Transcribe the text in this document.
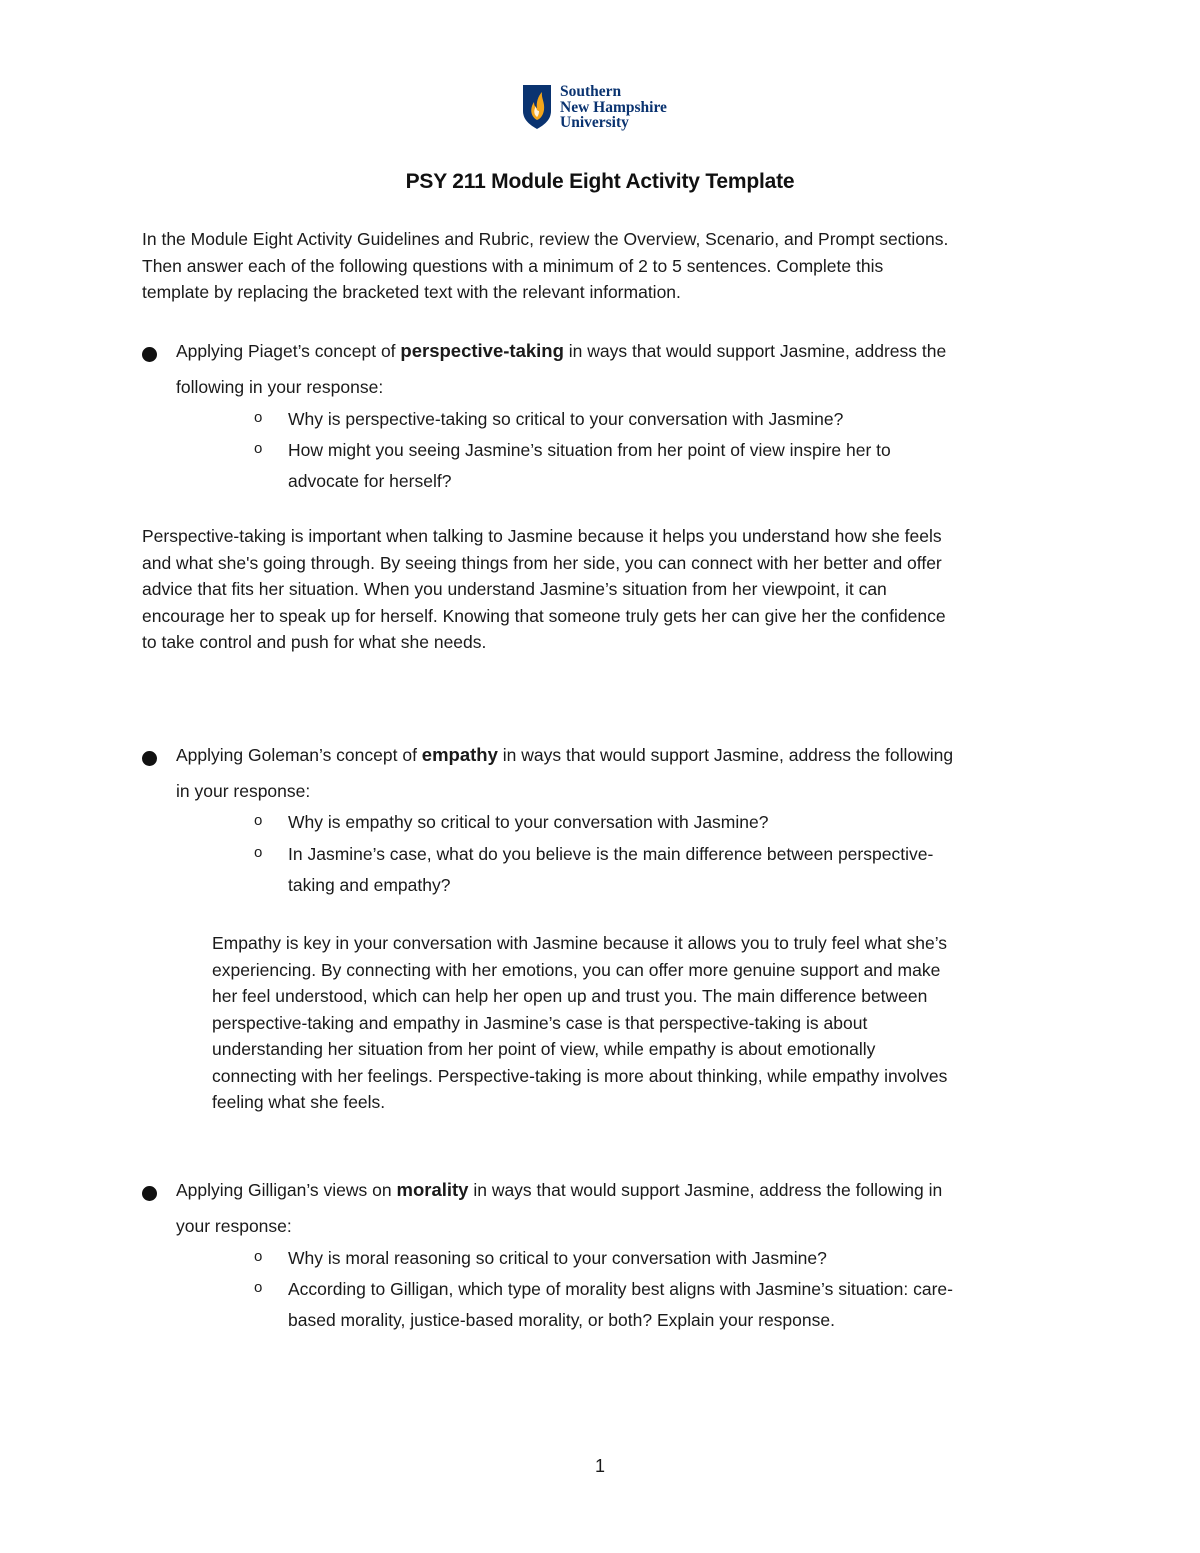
Southern
New Hampshire
University
PSY 211 Module Eight Activity Template
In the Module Eight Activity Guidelines and Rubric, review the Overview, Scenario, and Prompt sections.
Then answer each of the following questions with a minimum of 2 to 5 sentences. Complete this
template by replacing the bracketed text with the relevant information.
Applying Piaget’s concept of perspective-taking in ways that would support Jasmine, address the
following in your response:
o Why is perspective-taking so critical to your conversation with Jasmine?
o How might you seeing Jasmine’s situation from her point of view inspire her to
advocate for herself?
Perspective-taking is important when talking to Jasmine because it helps you understand how she feels
and what she's going through. By seeing things from her side, you can connect with her better and offer
advice that fits her situation. When you understand Jasmine’s situation from her viewpoint, it can
encourage her to speak up for herself. Knowing that someone truly gets her can give her the confidence
to take control and push for what she needs.
Applying Goleman’s concept of empathy in ways that would support Jasmine, address the following
in your response:
o Why is empathy so critical to your conversation with Jasmine?
o In Jasmine’s case, what do you believe is the main difference between perspective-
taking and empathy?
Empathy is key in your conversation with Jasmine because it allows you to truly feel what she’s
experiencing. By connecting with her emotions, you can offer more genuine support and make
her feel understood, which can help her open up and trust you. The main difference between
perspective-taking and empathy in Jasmine’s case is that perspective-taking is about
understanding her situation from her point of view, while empathy is about emotionally
connecting with her feelings. Perspective-taking is more about thinking, while empathy involves
feeling what she feels.
Applying Gilligan’s views on morality in ways that would support Jasmine, address the following in
your response:
o Why is moral reasoning so critical to your conversation with Jasmine?
o According to Gilligan, which type of morality best aligns with Jasmine’s situation: care-
based morality, justice-based morality, or both? Explain your response.
1
